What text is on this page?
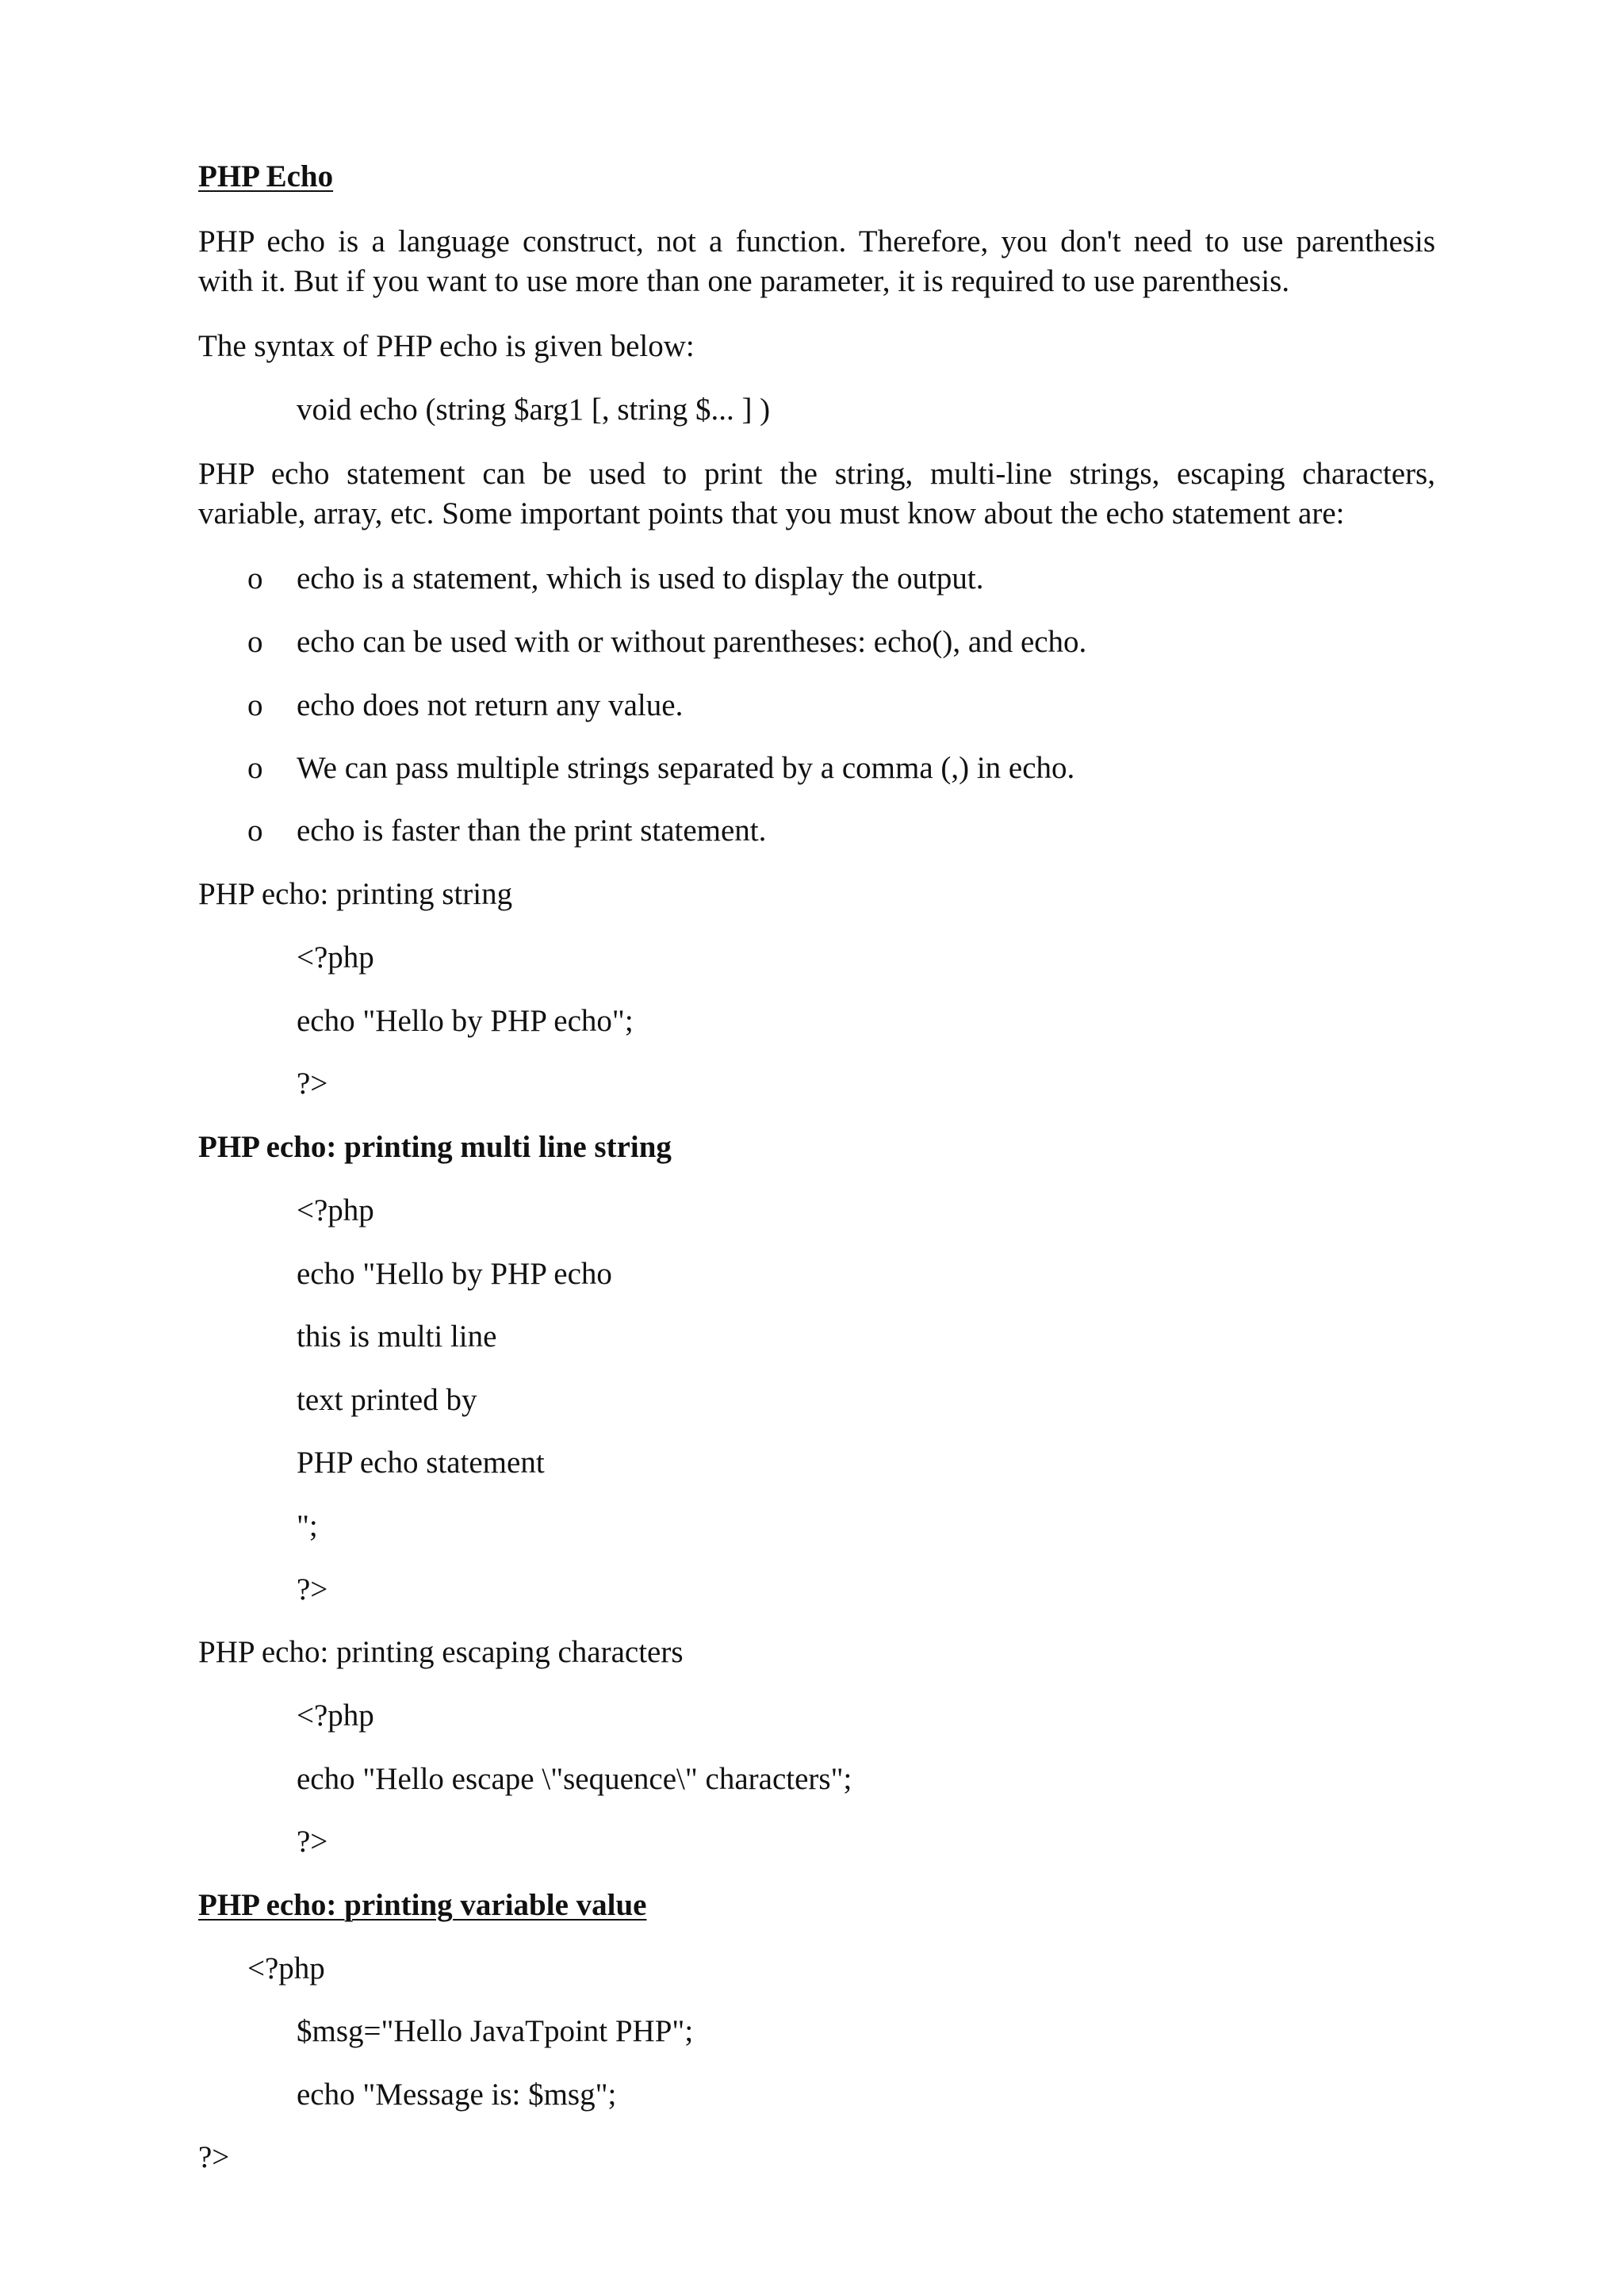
PHP Echo

PHP echo is a language construct, not a function. Therefore, you don't need to use parenthesis

with it. But if you want to use more than one parameter, it is required to use parenthesis.

The syntax of PHP echo is given below:

void echo (string $arg1 [, string $... ] )

PHP echo statement can be used to print the string, multi-line strings, escaping characters,

variable, array, etc. Some important points that you must know about the echo statement are:

o echo is a statement, which is used to display the output.

o echo can be used with or without parentheses: echo(), and echo.

o echo does not return any value.

o We can pass multiple strings separated by a comma (,) in echo.

o echo is faster than the print statement.

PHP echo: printing string

<?php

echo "Hello by PHP echo";

?>

PHP echo: printing multi line string

<?php

echo "Hello by PHP echo

this is multi line

text printed by

PHP echo statement

";

?>

PHP echo: printing escaping characters

<?php

echo "Hello escape \"sequence\" characters";

?>

PHP echo: printing variable value

<?php

$msg="Hello JavaTpoint PHP";

echo "Message is: $msg";

?>
